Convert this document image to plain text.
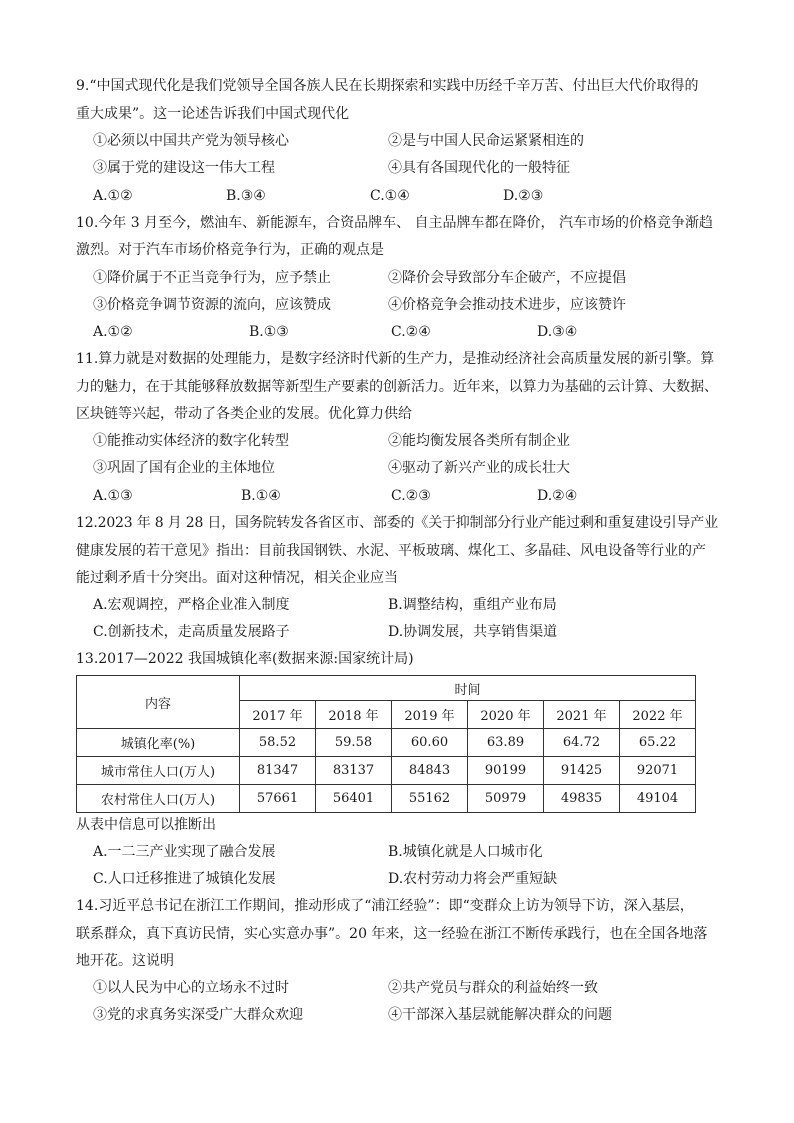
9.“中国式现代化是我们党领导全国各族人民在长期探索和实践中历经千辛万苦、付出巨大代价取得的
重大成果”。这一论述告诉我们中国式现代化
①必须以中国共产党为领导核心	②是与中国人民命运紧紧相连的
③属于党的建设这一伟大工程	④具有各国现代化的一般特征
A.①②	B.③④	C.①④	D.②③
10.今年 3 月至今，燃油车、新能源车，合资品牌车、 自主品牌车都在降价， 汽车市场的价格竞争渐趋
激烈。对于汽车市场价格竞争行为，正确的观点是
①降价属于不正当竞争行为，应予禁止	②降价会导致部分车企破产，不应提倡
③价格竞争调节资源的流向，应该赞成	④价格竞争会推动技术进步，应该赞许
A.①②	B.①③	C.②④	D.③④
11.算力就是对数据的处理能力，是数字经济时代新的生产力，是推动经济社会高质量发展的新引擎。算
力的魅力，在于其能够释放数据等新型生产要素的创新活力。近年来，以算力为基础的云计算、大数据、
区块链等兴起，带动了各类企业的发展。优化算力供给
①能推动实体经济的数字化转型	②能均衡发展各类所有制企业
③巩固了国有企业的主体地位	④驱动了新兴产业的成长壮大
A.①③	B.①④	C.②③	D.②④
12.2023 年 8 月 28 日，国务院转发各省区市、部委的《关于抑制部分行业产能过剩和重复建设引导产业
健康发展的若干意见》指出：目前我国钢铁、水泥、平板玻璃、煤化工、多晶硅、风电设备等行业的产
能过剩矛盾十分突出。面对这种情况，相关企业应当
A.宏观调控，严格企业准入制度	B.调整结构，重组产业布局
C.创新技术，走高质量发展路子	D.协调发展，共享销售渠道
13.2017—2022 我国城镇化率(数据来源:国家统计局)
内容	时间					
	2017 年	2018 年	2019 年	2020 年	2021 年	2022 年
城镇化率(%)	58.52	59.58	60.60	63.89	64.72	65.22
城市常住人口(万人)	81347	83137	84843	90199	91425	92071
农村常住人口(万人)	57661	56401	55162	50979	49835	49104
从表中信息可以推断出
A.一二三产业实现了融合发展	B.城镇化就是人口城市化
C.人口迁移推进了城镇化发展	D.农村劳动力将会严重短缺
14.习近平总书记在浙江工作期间，推动形成了“浦江经验”：即“变群众上访为领导下访，深入基层，
联系群众，真下真访民情，实心实意办事”。20 年来，这一经验在浙江不断传承践行，也在全国各地落
地开花。这说明
①以人民为中心的立场永不过时	②共产党员与群众的利益始终一致
③党的求真务实深受广大群众欢迎	④干部深入基层就能解决群众的问题
